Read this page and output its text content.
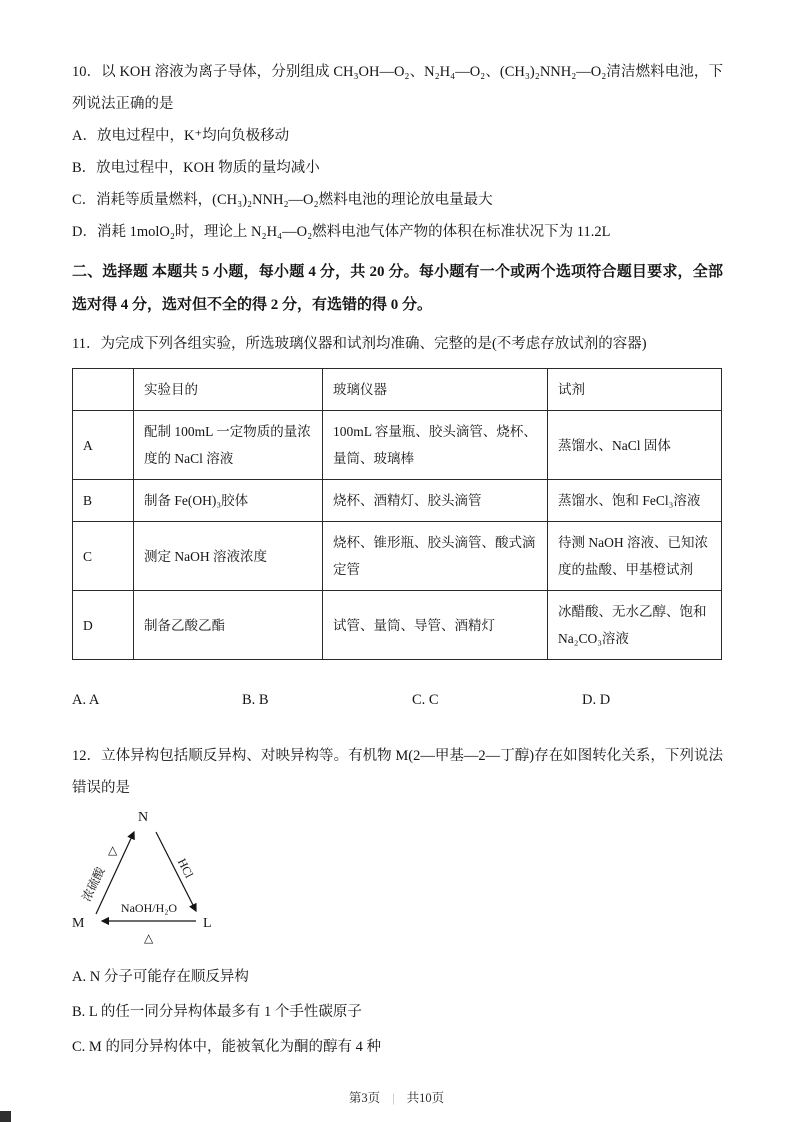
10．以 KOH 溶液为离子导体，分别组成 CH₃OH—O₂、N₂H₄—O₂、(CH₃)₂NNH₂—O₂清洁燃料电池，下列说法正确的是

A．放电过程中，K⁺均向负极移动

B．放电过程中，KOH 物质的量均减小

C．消耗等质量燃料，(CH₃)₂NNH₂—O₂燃料电池的理论放电量最大

D．消耗 1molO₂时，理论上 N₂H₄—O₂燃料电池气体产物的体积在标准状况下为 11.2L

二、选择题 本题共 5 小题，每小题 4 分，共 20 分。每小题有一个或两个选项符合题目要求，全部选对得 4 分，选对但不全的得 2 分，有选错的得 0 分。

11．为完成下列各组实验，所选玻璃仪器和试剂均准确、完整的是(不考虑存放试剂的容器)

	实验目的	玻璃仪器	试剂
A	配制 100mL 一定物质的量浓度的 NaCl 溶液	100mL 容量瓶、胶头滴管、烧杯、量筒、玻璃棒	蒸馏水、NaCl 固体
B	制备 Fe(OH)₃胶体	烧杯、酒精灯、胶头滴管	蒸馏水、饱和 FeCl₃溶液
C	测定 NaOH 溶液浓度	烧杯、锥形瓶、胶头滴管、酸式滴定管	待测 NaOH 溶液、已知浓度的盐酸、甲基橙试剂
D	制备乙酸乙酯	试管、量筒、导管、酒精灯	冰醋酸、无水乙醇、饱和 Na₂CO₃溶液
A. A	B. B	C. C	D. D

12．立体异构包括顺反异构、对映异构等。有机物 M(2—甲基—2—丁醇)存在如图转化关系，下列说法错误的是

N
M	L
浓硫酸
△
HCl
NaOH/H₂O
△

A. N 分子可能存在顺反异构

B. L 的任一同分异构体最多有 1 个手性碳原子

C. M 的同分异构体中，能被氧化为酮的醇有 4 种

第3页 | 共10页
